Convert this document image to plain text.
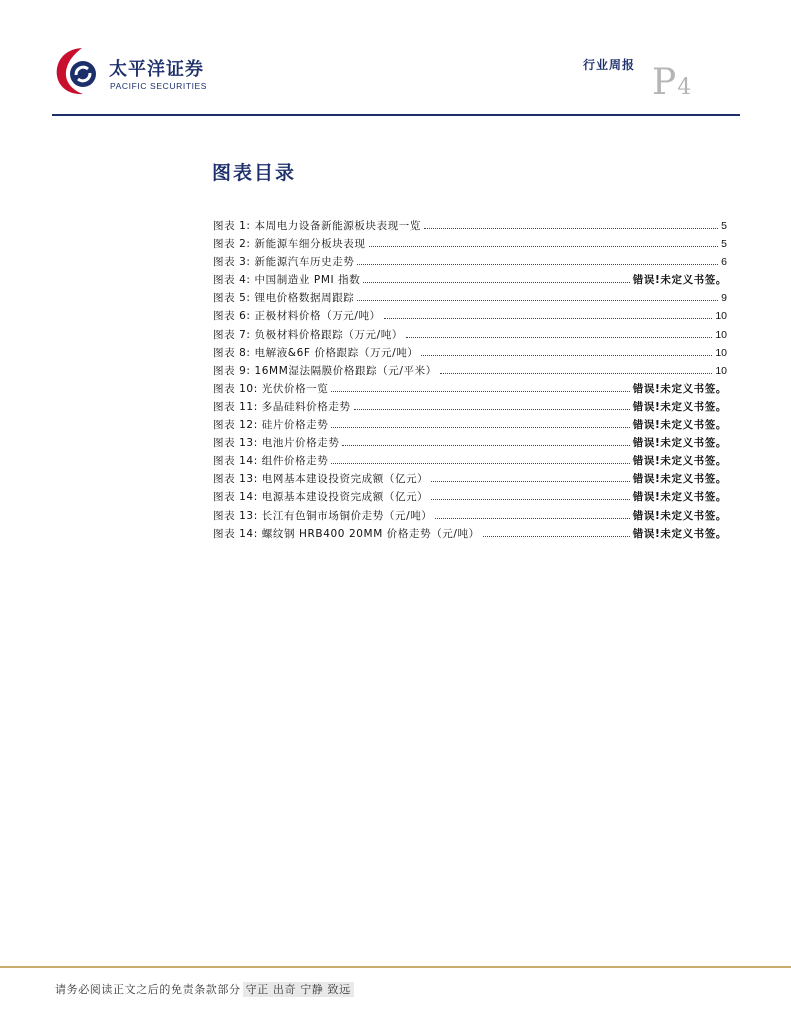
太平洋证券
PACIFIC SECURITIES
行业周报 P4
图表目录
图表 1: 本周电力设备新能源板块表现一览	5
图表 2: 新能源车细分板块表现	5
图表 3: 新能源汽车历史走势	6
图表 4: 中国制造业 PMI 指数	错误!未定义书签。
图表 5: 锂电价格数据周跟踪	9
图表 6: 正极材料价格（万元/吨）	10
图表 7: 负极材料价格跟踪（万元/吨）	10
图表 8: 电解液&6F 价格跟踪（万元/吨）	10
图表 9: 16MM湿法隔膜价格跟踪（元/平米）	10
图表 10: 光伏价格一览	错误!未定义书签。
图表 11: 多晶硅料价格走势	错误!未定义书签。
图表 12: 硅片价格走势	错误!未定义书签。
图表 13: 电池片价格走势	错误!未定义书签。
图表 14: 组件价格走势	错误!未定义书签。
图表 13: 电网基本建设投资完成额（亿元）	错误!未定义书签。
图表 14: 电源基本建设投资完成额（亿元）	错误!未定义书签。
图表 13: 长江有色铜市场铜价走势（元/吨）	错误!未定义书签。
图表 14: 螺纹钢 HRB400 20MM 价格走势（元/吨）	错误!未定义书签。
请务必阅读正文之后的免责条款部分 守正 出奇 宁静 致远
